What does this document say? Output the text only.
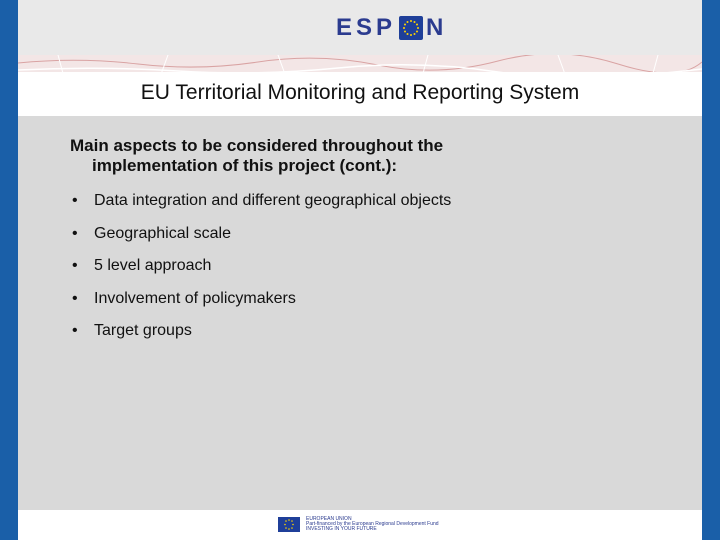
ESP N
EU Territorial Monitoring and Reporting System
Main aspects to be considered throughout the
implementation of this project (cont.):
• Data integration and different geographical objects
• Geographical scale
• 5 level approach
• Involvement of policymakers
• Target groups
EUROPEAN UNION
Part-financed by the European Regional Development Fund
INVESTING IN YOUR FUTURE
